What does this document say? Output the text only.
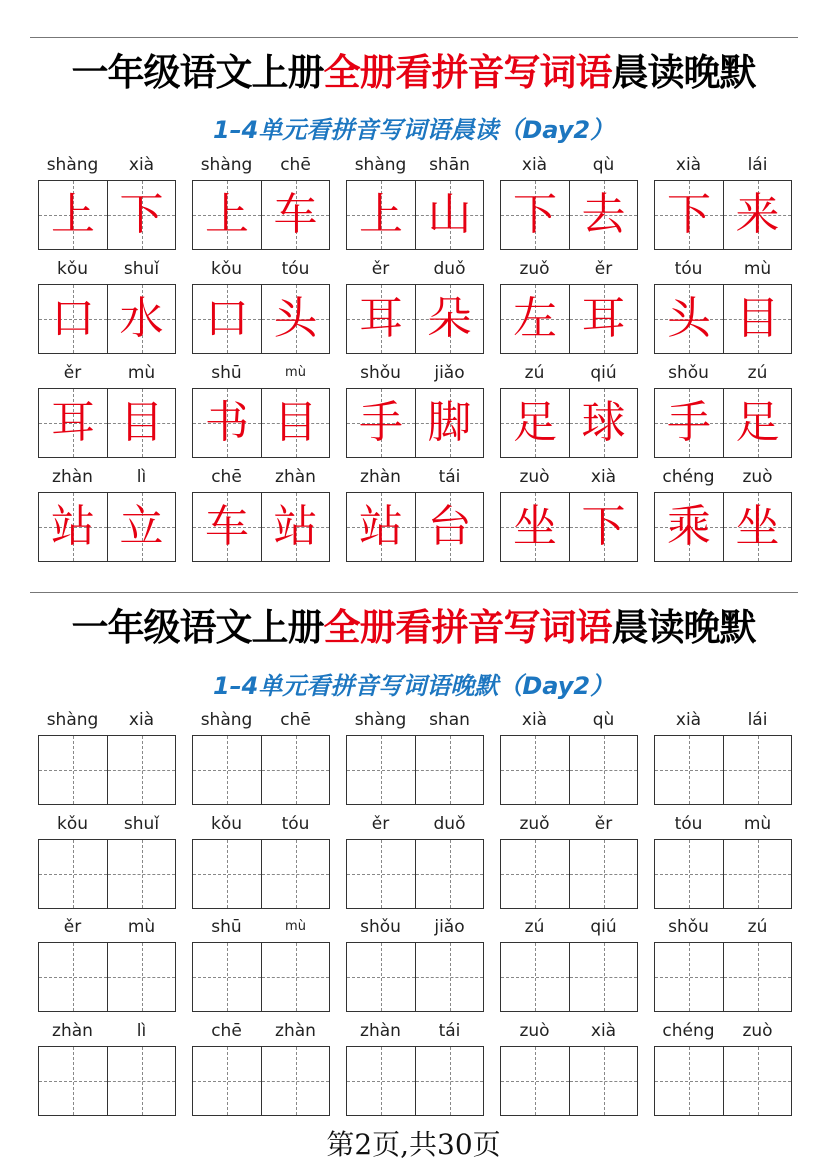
一年级语文上册全册看拼音写词语晨读晚默
1–4单元看拼音写词语晨读（Day2）
shàng	xià
上 下
shàng	chē
上 车
shàng	shān
上 山
xià	qù
下 去
xià	lái
下 来
kǒu	shuǐ
口 水
kǒu	tóu
口 头
ěr	duǒ
耳 朵
zuǒ	ěr
左 耳
tóu	mù
头 目
ěr	mù
耳 目
shū	mù
书 目
shǒu	jiǎo
手 脚
zú	qiú
足 球
shǒu	zú
手 足
zhàn	lì
站 立
chē	zhàn
车 站
zhàn	tái
站 台
zuò	xià
坐 下
chéng	zuò
乘 坐
一年级语文上册全册看拼音写词语晨读晚默
1–4单元看拼音写词语晚默（Day2）
shàng	xià	shàng	chē	shàng	shan	xià	qù	xià	lái
kǒu	shuǐ	kǒu	tóu	ěr	duǒ	zuǒ	ěr	tóu	mù
ěr	mù	shū	mù	shǒu	jiǎo	zú	qiú	shǒu	zú
zhàn	lì	chē	zhàn	zhàn	tái	zuò	xià	chéng	zuò
第2页,共30页
